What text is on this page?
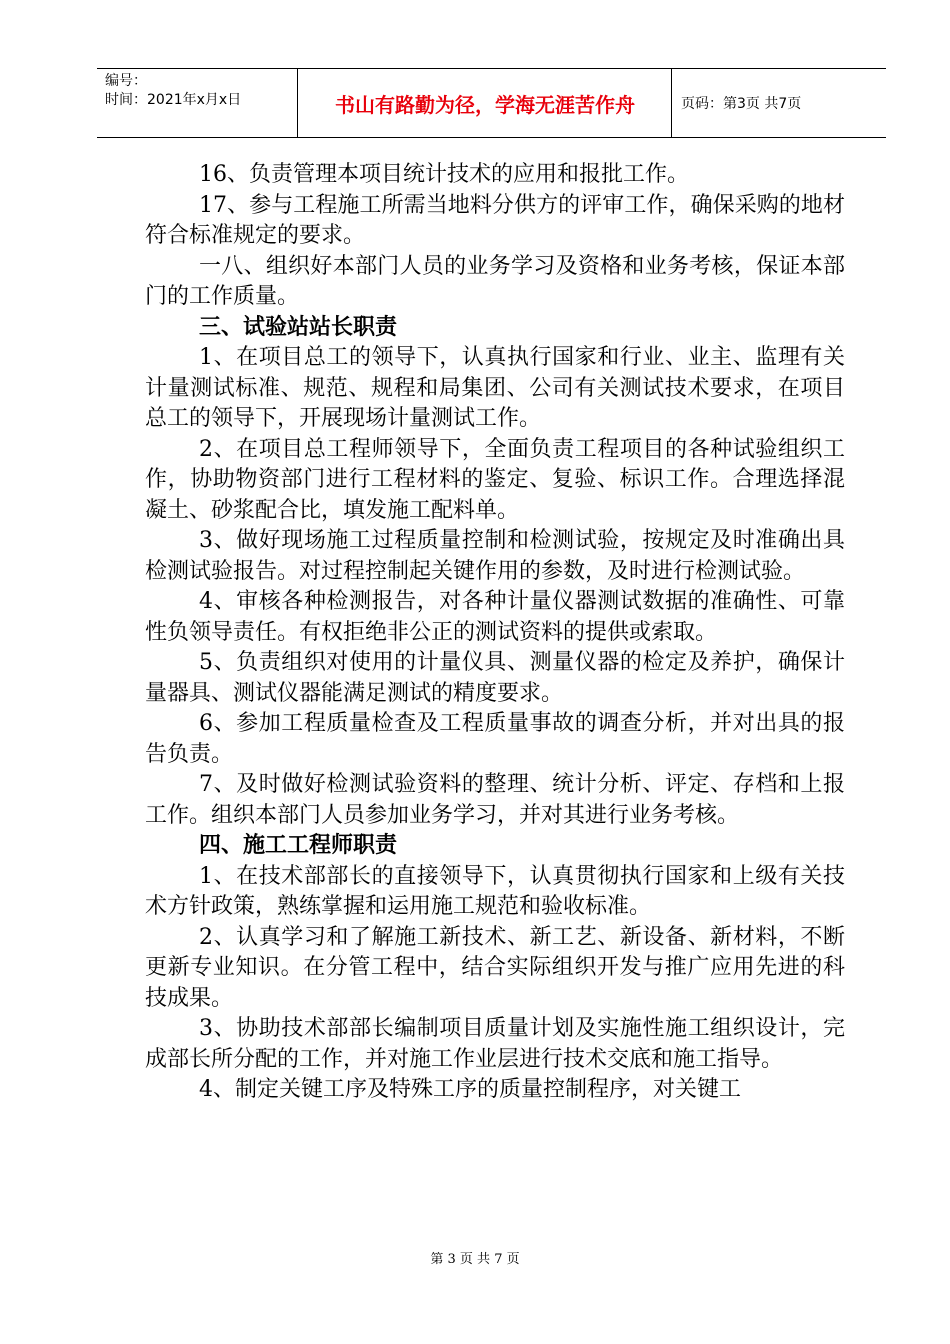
编号：
时间：2021年x月x日	书山有路勤为径，学海无涯苦作舟	页码：第3页 共7页

16、负责管理本项目统计技术的应用和报批工作。

17、参与工程施工所需当地料分供方的评审工作，确保采购的地材符合标准规定的要求。

一八、组织好本部门人员的业务学习及资格和业务考核，保证本部门的工作质量。

三、试验站站长职责

1、在项目总工的领导下，认真执行国家和行业、业主、监理有关计量测试标准、规范、规程和局集团、公司有关测试技术要求，在项目总工的领导下，开展现场计量测试工作。

2、在项目总工程师领导下，全面负责工程项目的各种试验组织工作，协助物资部门进行工程材料的鉴定、复验、标识工作。合理选择混凝土、砂浆配合比，填发施工配料单。

3、做好现场施工过程质量控制和检测试验，按规定及时准确出具检测试验报告。对过程控制起关键作用的参数，及时进行检测试验。

4、审核各种检测报告，对各种计量仪器测试数据的准确性、可靠性负领导责任。有权拒绝非公正的测试资料的提供或索取。

5、负责组织对使用的计量仪具、测量仪器的检定及养护，确保计量器具、测试仪器能满足测试的精度要求。

6、参加工程质量检查及工程质量事故的调查分析，并对出具的报告负责。

7、及时做好检测试验资料的整理、统计分析、评定、存档和上报工作。组织本部门人员参加业务学习，并对其进行业务考核。

四、施工工程师职责

1、在技术部部长的直接领导下，认真贯彻执行国家和上级有关技术方针政策，熟练掌握和运用施工规范和验收标准。

2、认真学习和了解施工新技术、新工艺、新设备、新材料，不断更新专业知识。在分管工程中，结合实际组织开发与推广应用先进的科技成果。

3、协助技术部部长编制项目质量计划及实施性施工组织设计，完成部长所分配的工作，并对施工作业层进行技术交底和施工指导。

4、制定关键工序及特殊工序的质量控制程序，对关键工

第 3 页 共 7 页
